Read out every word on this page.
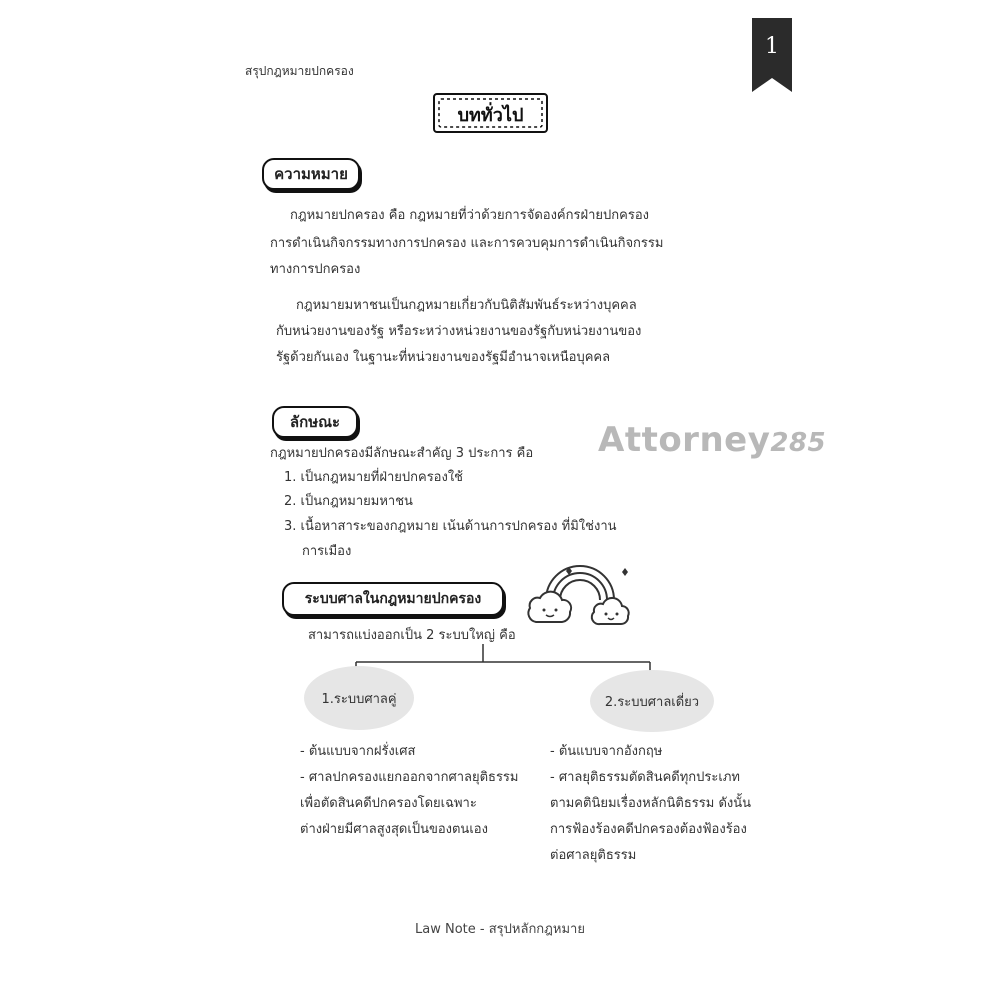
สรุปกฎหมายปกครอง
1
บททั่วไป
ความหมาย
กฎหมายปกครอง คือ กฎหมายที่ว่าด้วยการจัดองค์กรฝ่ายปกครอง
การดำเนินกิจกรรมทางการปกครอง และการควบคุมการดำเนินกิจกรรม
ทางการปกครอง
กฎหมายมหาชนเป็นกฎหมายเกี่ยวกับนิติสัมพันธ์ระหว่างบุคคล
กับหน่วยงานของรัฐ หรือระหว่างหน่วยงานของรัฐกับหน่วยงานของ
รัฐด้วยกันเอง ในฐานะที่หน่วยงานของรัฐมีอำนาจเหนือบุคคล
ลักษณะ	Attorney285
กฎหมายปกครองมีลักษณะสำคัญ 3 ประการ คือ
1. เป็นกฎหมายที่ฝ่ายปกครองใช้
2. เป็นกฎหมายมหาชน
3. เนื้อหาสาระของกฎหมาย เน้นด้านการปกครอง ที่มิใช่งาน
การเมือง
ระบบศาลในกฎหมายปกครอง
สามารถแบ่งออกเป็น 2 ระบบใหญ่ คือ
1.ระบบศาลคู่	2.ระบบศาลเดี่ยว
- ต้นแบบจากฝรั่งเศส
- ศาลปกครองแยกออกจากศาลยุติธรรม
เพื่อตัดสินคดีปกครองโดยเฉพาะ
ต่างฝ่ายมีศาลสูงสุดเป็นของตนเอง
- ต้นแบบจากอังกฤษ
- ศาลยุติธรรมตัดสินคดีทุกประเภท
ตามคตินิยมเรื่องหลักนิติธรรม ดังนั้น
การฟ้องร้องคดีปกครองต้องฟ้องร้อง
ต่อศาลยุติธรรม
Law Note - สรุปหลักกฎหมาย
